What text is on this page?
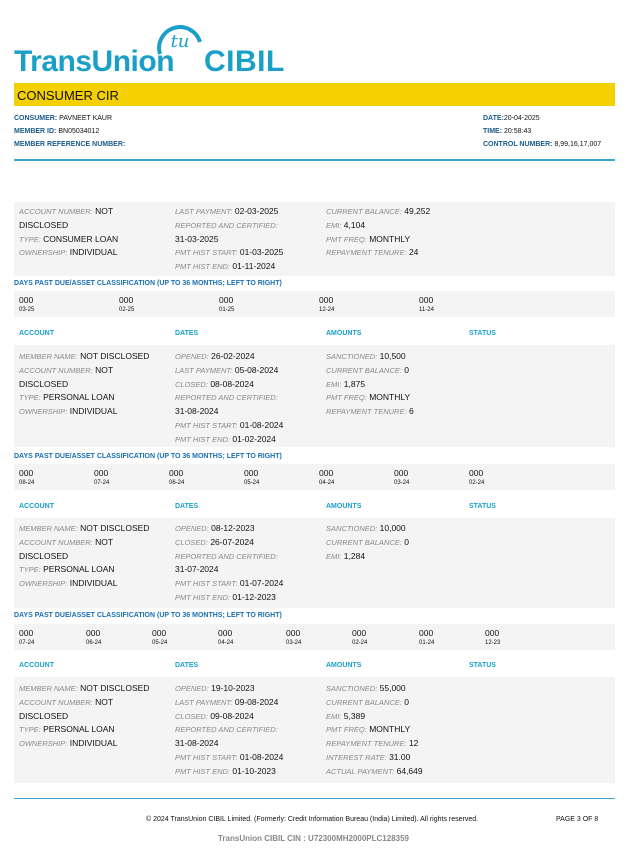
TransUnion
tu
CIBIL
CONSUMER CIR
CONSUMER: PAVNEET KAUR
MEMBER ID: BN05034012
MEMBER REFERENCE NUMBER:
DATE:20-04-2025
TIME: 20:58:43
CONTROL NUMBER: 8,99,16,17,007
ACCOUNT NUMBER: NOT
DISCLOSED
TYPE: CONSUMER LOAN
OWNERSHIP: INDIVIDUAL
LAST PAYMENT: 02-03-2025
REPORTED AND CERTIFIED:
31-03-2025
PMT HIST START: 01-03-2025
PMT HIST END: 01-11-2024
CURRENT BALANCE: 49,252
EMI: 4,104
PMT FREQ: MONTHLY
REPAYMENT TENURE: 24
DAYS PAST DUE/ASSET CLASSIFICATION (UP TO 36 MONTHS; LEFT TO RIGHT)
000
03-25
000
02-25
000
01-25
000
12-24
000
11-24
ACCOUNT	DATES	AMOUNTS	STATUS
MEMBER NAME: NOT DISCLOSED
ACCOUNT NUMBER: NOT
DISCLOSED
TYPE: PERSONAL LOAN
OWNERSHIP: INDIVIDUAL
OPENED: 26-02-2024
LAST PAYMENT: 05-08-2024
CLOSED: 08-08-2024
REPORTED AND CERTIFIED:
31-08-2024
PMT HIST START: 01-08-2024
PMT HIST END: 01-02-2024
SANCTIONED: 10,500
CURRENT BALANCE: 0
EMI: 1,875
PMT FREQ: MONTHLY
REPAYMENT TENURE: 6
DAYS PAST DUE/ASSET CLASSIFICATION (UP TO 36 MONTHS; LEFT TO RIGHT)
000
08-24
000
07-24
000
06-24
000
05-24
000
04-24
000
03-24
000
02-24
ACCOUNT	DATES	AMOUNTS	STATUS
MEMBER NAME: NOT DISCLOSED
ACCOUNT NUMBER: NOT
DISCLOSED
TYPE: PERSONAL LOAN
OWNERSHIP: INDIVIDUAL
OPENED: 08-12-2023
CLOSED: 26-07-2024
REPORTED AND CERTIFIED:
31-07-2024
PMT HIST START: 01-07-2024
PMT HIST END: 01-12-2023
SANCTIONED: 10,000
CURRENT BALANCE: 0
EMI: 1,284
DAYS PAST DUE/ASSET CLASSIFICATION (UP TO 36 MONTHS; LEFT TO RIGHT)
000
07-24
000
06-24
000
05-24
000
04-24
000
03-24
000
02-24
000
01-24
000
12-23
ACCOUNT	DATES	AMOUNTS	STATUS
MEMBER NAME: NOT DISCLOSED
ACCOUNT NUMBER: NOT
DISCLOSED
TYPE: PERSONAL LOAN
OWNERSHIP: INDIVIDUAL
OPENED: 19-10-2023
LAST PAYMENT: 09-08-2024
CLOSED: 09-08-2024
REPORTED AND CERTIFIED:
31-08-2024
PMT HIST START: 01-08-2024
PMT HIST END: 01-10-2023
SANCTIONED: 55,000
CURRENT BALANCE: 0
EMI: 5,389
PMT FREQ: MONTHLY
REPAYMENT TENURE: 12
INTEREST RATE: 31.00
ACTUAL PAYMENT: 64,649
© 2024 TransUnion CIBIL Limited. (Formerly: Credit Information Bureau (India) Limited). All rights reserved.	PAGE 3 OF 8
TransUnion CIBIL CIN : U72300MH2000PLC128359
